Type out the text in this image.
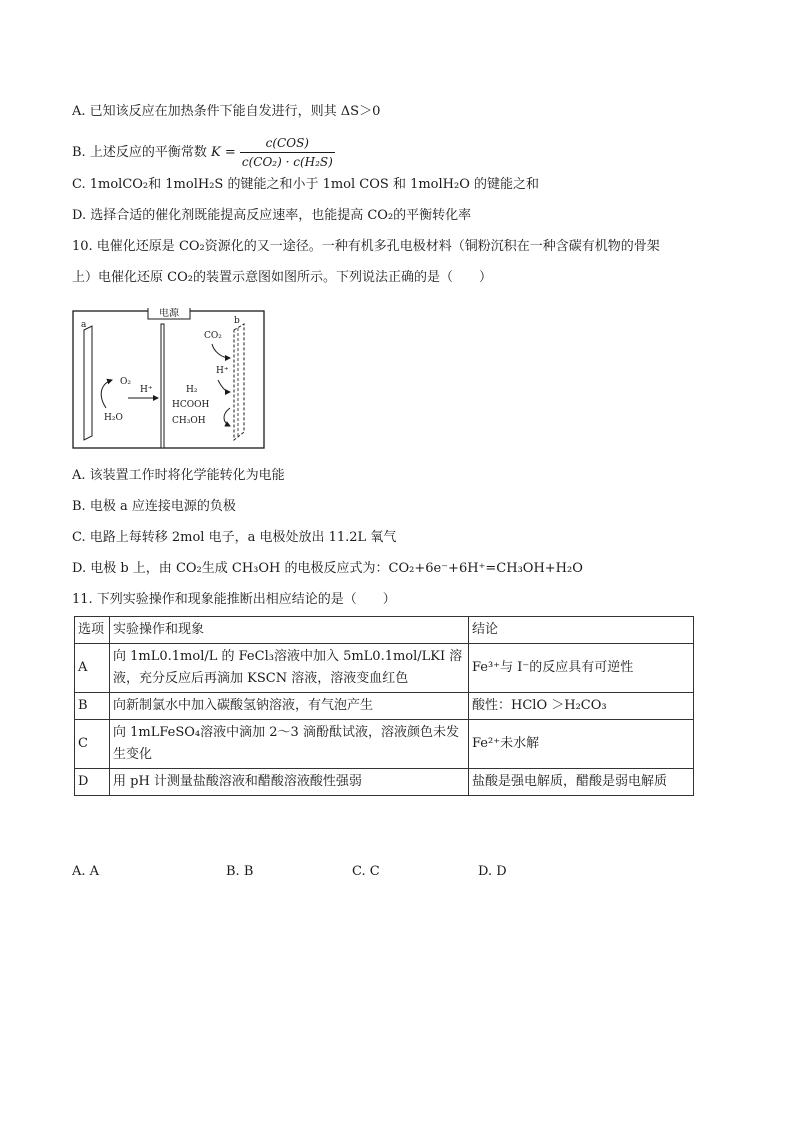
A. 已知该反应在加热条件下能自发进行，则其 ΔS＞0
B. 上述反应的平衡常数 $K = \frac{\text{c(COS)}}{\text{c(CO₂) · c(H₂S)}}$
C. 1molCO₂和 1molH₂S 的键能之和小于 1mol COS 和 1molH₂O 的键能之和
D. 选择合适的催化剂既能提高反应速率，也能提高 CO₂的平衡转化率
10. 电催化还原是 CO₂资源化的又一途径。一种有机多孔电极材料（铜粉沉积在一种含碳有机物的骨架
上）电催化还原 CO₂的装置示意图如图所示。下列说法正确的是（　　）
电源
a	b
O₂
H₂O
H⁺
CO₂
H⁺
H₂
HCOOH
CH₃OH
A. 该装置工作时将化学能转化为电能
B. 电极 a 应连接电源的负极
C. 电路上每转移 2mol 电子，a 电极处放出 11.2L 氧气
D. 电极 b 上，由 CO₂生成 CH₃OH 的电极反应式为：CO₂+6e⁻+6H⁺=CH₃OH+H₂O
11. 下列实验操作和现象能推断出相应结论的是（　　）
选项	实验操作和现象	结论
A	向 1mL0.1mol/L 的 FeCl₃溶液中加入 5mL0.1mol/LKI 溶液，充分反应后再滴加 KSCN 溶液，溶液变血红色	Fe³⁺与 I⁻的反应具有可逆性
B	向新制氯水中加入碳酸氢钠溶液，有气泡产生	酸性：HClO ＞H₂CO₃
C	向 1mLFeSO₄溶液中滴加 2～3 滴酚酞试液，溶液颜色未发生变化	Fe²⁺未水解
D	用 pH 计测量盐酸溶液和醋酸溶液酸性强弱	盐酸是强电解质，醋酸是弱电解质
A. A	B. B	C. C	D. D
